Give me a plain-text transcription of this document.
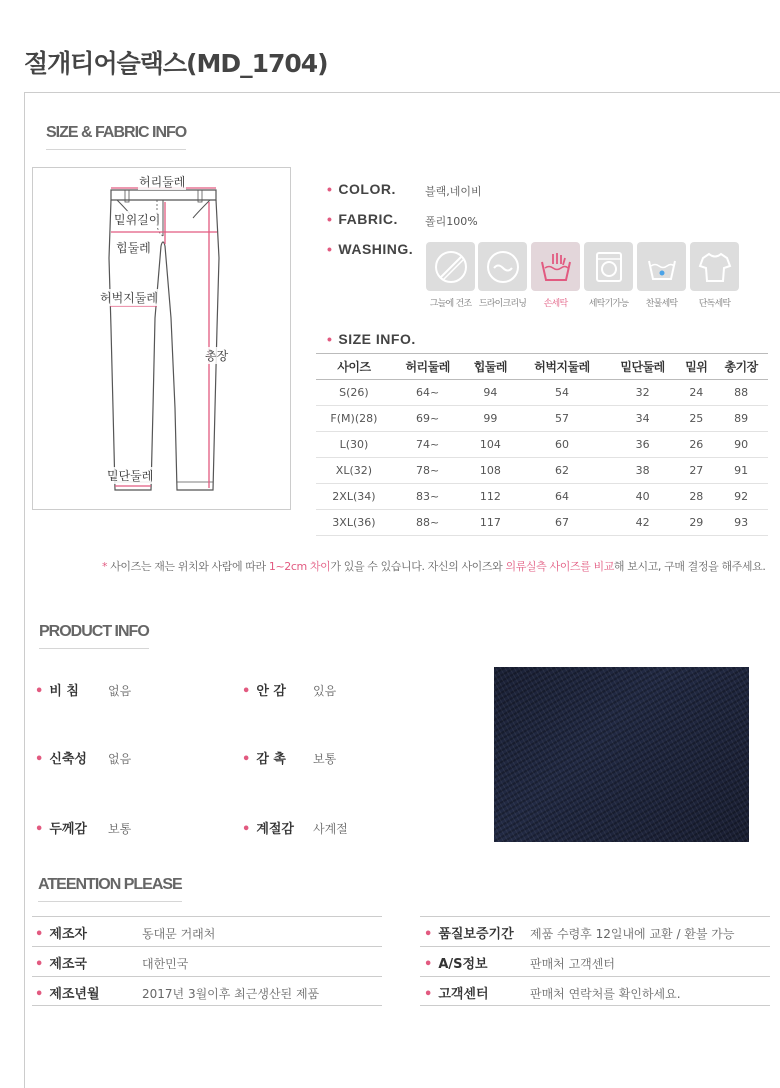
절개티어슬랙스(MD_1704)
SIZE & FABRIC INFO
허리둘레
밑위길이
힙둘레
허벅지둘레
총장
밑단둘레
• COLOR.	블랙,네이비
• FABRIC. 폴리100%
• WASHING.
그늘에 건조 드라이크리닝	손세탁	세탁기가능	찬물세탁	단독세탁
• SIZE INFO.
사이즈	허리둘레	힙둘레	허벅지둘레	밑단둘레	밑위	총기장
S(26)	64~	94	54	32	24	88
F(M)(28)	69~	99	57	34	25	89
L(30)	74~	104	60	36	26	90
XL(32)	78~	108	62	38	27	91
2XL(34)	83~	112	64	40	28	92
3XL(36)	88~	117	67	42	29	93
* 사이즈는 재는 위치와 사람에 따라 1~2cm 차이가 있을 수 있습니다. 자신의 사이즈와 의류실측 사이즈를 비교해 보시고, 구매 결정을 해주세요.
PRODUCT INFO
• 비 침 없음	• 안 감 있음
• 신축성 없음	• 감 촉 보통
• 두께감 보통	• 계절감 사계절
ATEENTION PLEASE
• 제조자	동대문 거래처
• 제조국	대한민국
• 제조년월	2017년 3월이후 최근생산된 제품
• 품질보증기간 제품 수령후 12일내에 교환 / 환불 가능
• A/S정보	판매처 고객센터
• 고객센터	판매처 연락처를 확인하세요.
